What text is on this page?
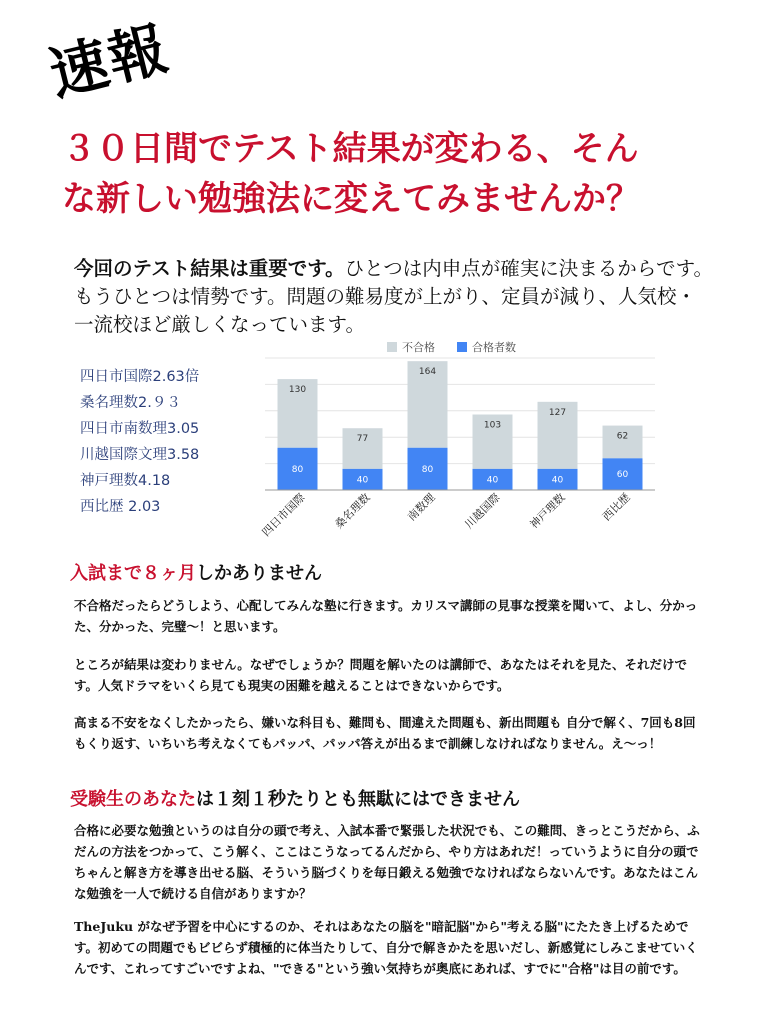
速報
３０日間でテスト結果が変わる、そん
な新しい勉強法に変えてみませんか？

今回のテスト結果は重要です。ひとつは内申点が確実に決まるからです。もうひとつは情勢です。問題の難易度が上がり、定員が減り、人気校・一流校ほど厳しくなっています。

四日市国際2.63倍
桑名理数2.９３
四日市南数理3.05
川越国際文理3.58
神戸理数4.18
西比歴 2.03
不合格	合格者数
130
80
四日市国際
77
40
桑名理数
164
80
南数理
103
40
川越国際
127
40
神戸理数
62
60
西比歴
入試まで８ヶ月しかありません

不合格だったらどうしよう、心配してみんな塾に行きます。カリスマ講師の見事な授業を聞いて、よし、分かった、分かった、完璧～！と思います。

ところが結果は変わりません。なぜでしょうか？問題を解いたのは講師で、あなたはそれを見た、それだけです。人気ドラマをいくら見ても現実の困難を越えることはできないからです。

高まる不安をなくしたかったら、嫌いな科目も、難問も、間違えた問題も、新出問題も 自分で解く、7回も8回もくり返す、いちいち考えなくてもパッパ、パッパ答えが出るまで訓練しなければなりません。え～っ！

受験生のあなたは１刻１秒たりとも無駄にはできません

合格に必要な勉強というのは自分の頭で考え、入試本番で緊張した状況でも、この難問、きっとこうだから、ふだんの方法をつかって、こう解く、ここはこうなってるんだから、やり方はあれだ！っていうように自分の頭でちゃんと解き方を導き出せる脳、そういう脳づくりを毎日鍛える勉強でなければならないんです。あなたはこんな勉強を一人で続ける自信がありますか？

TheJuku がなぜ予習を中心にするのか、それはあなたの脳を"暗記脳"から"考える脳"にたたき上げるためです。初めての問題でもビビらず積極的に体当たりして、自分で解きかたを思いだし、新感覚にしみこませていくんです、これってすごいですよね、"できる"という強い気持ちが奥底にあれば、すでに"合格"は目の前です。
